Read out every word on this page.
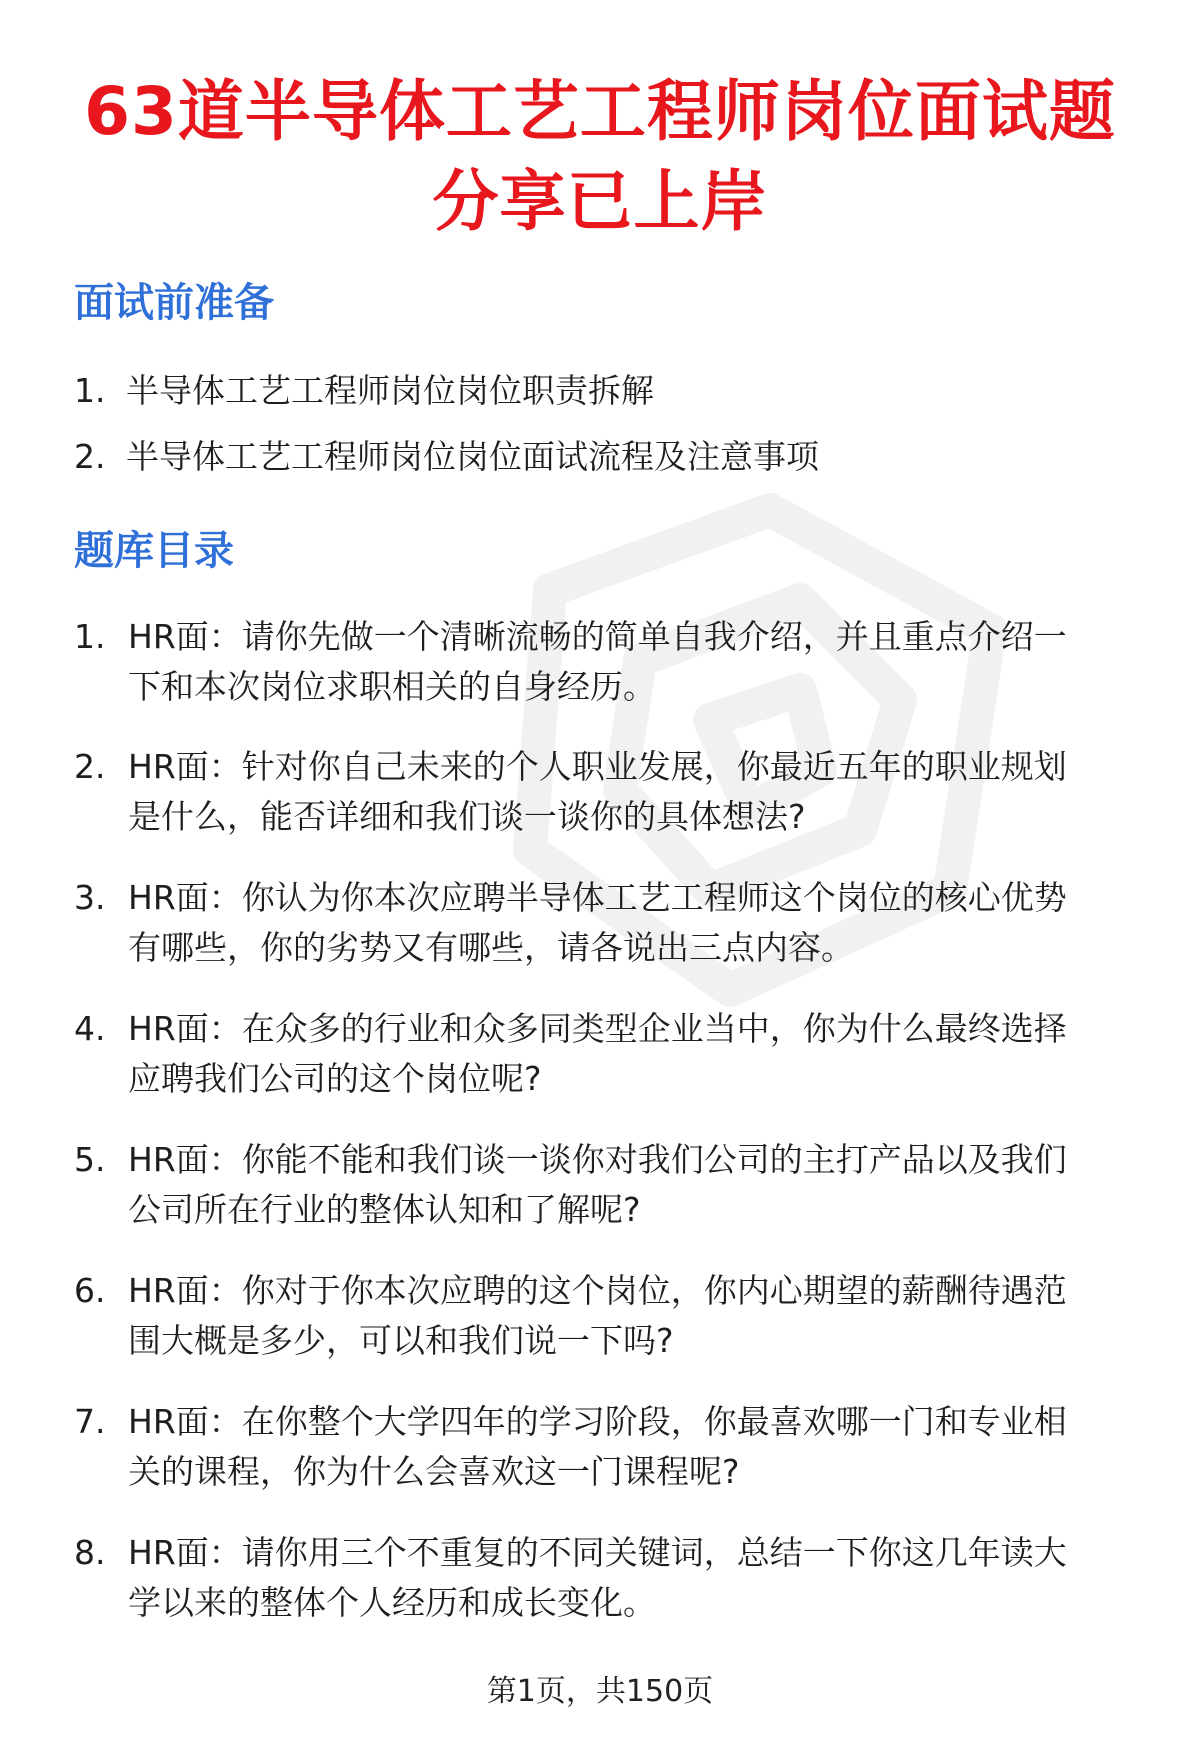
63道半导体工艺工程师岗位面试题
分享已上岸
面试前准备
1. 半导体工艺工程师岗位岗位职责拆解
2. 半导体工艺工程师岗位岗位面试流程及注意事项
题库目录
1. HR面：请你先做一个清晰流畅的简单自我介绍，并且重点介绍一
下和本次岗位求职相关的自身经历。
2. HR面：针对你自己未来的个人职业发展，你最近五年的职业规划
是什么，能否详细和我们谈一谈你的具体想法?
3. HR面：你认为你本次应聘半导体工艺工程师这个岗位的核心优势
有哪些，你的劣势又有哪些，请各说出三点内容。
4. HR面：在众多的行业和众多同类型企业当中，你为什么最终选择
应聘我们公司的这个岗位呢?
5. HR面：你能不能和我们谈一谈你对我们公司的主打产品以及我们
公司所在行业的整体认知和了解呢?
6. HR面：你对于你本次应聘的这个岗位，你内心期望的薪酬待遇范
围大概是多少，可以和我们说一下吗?
7. HR面：在你整个大学四年的学习阶段，你最喜欢哪一门和专业相
关的课程，你为什么会喜欢这一门课程呢?
8. HR面：请你用三个不重复的不同关键词，总结一下你这几年读大
学以来的整体个人经历和成长变化。
第1页，共150页
